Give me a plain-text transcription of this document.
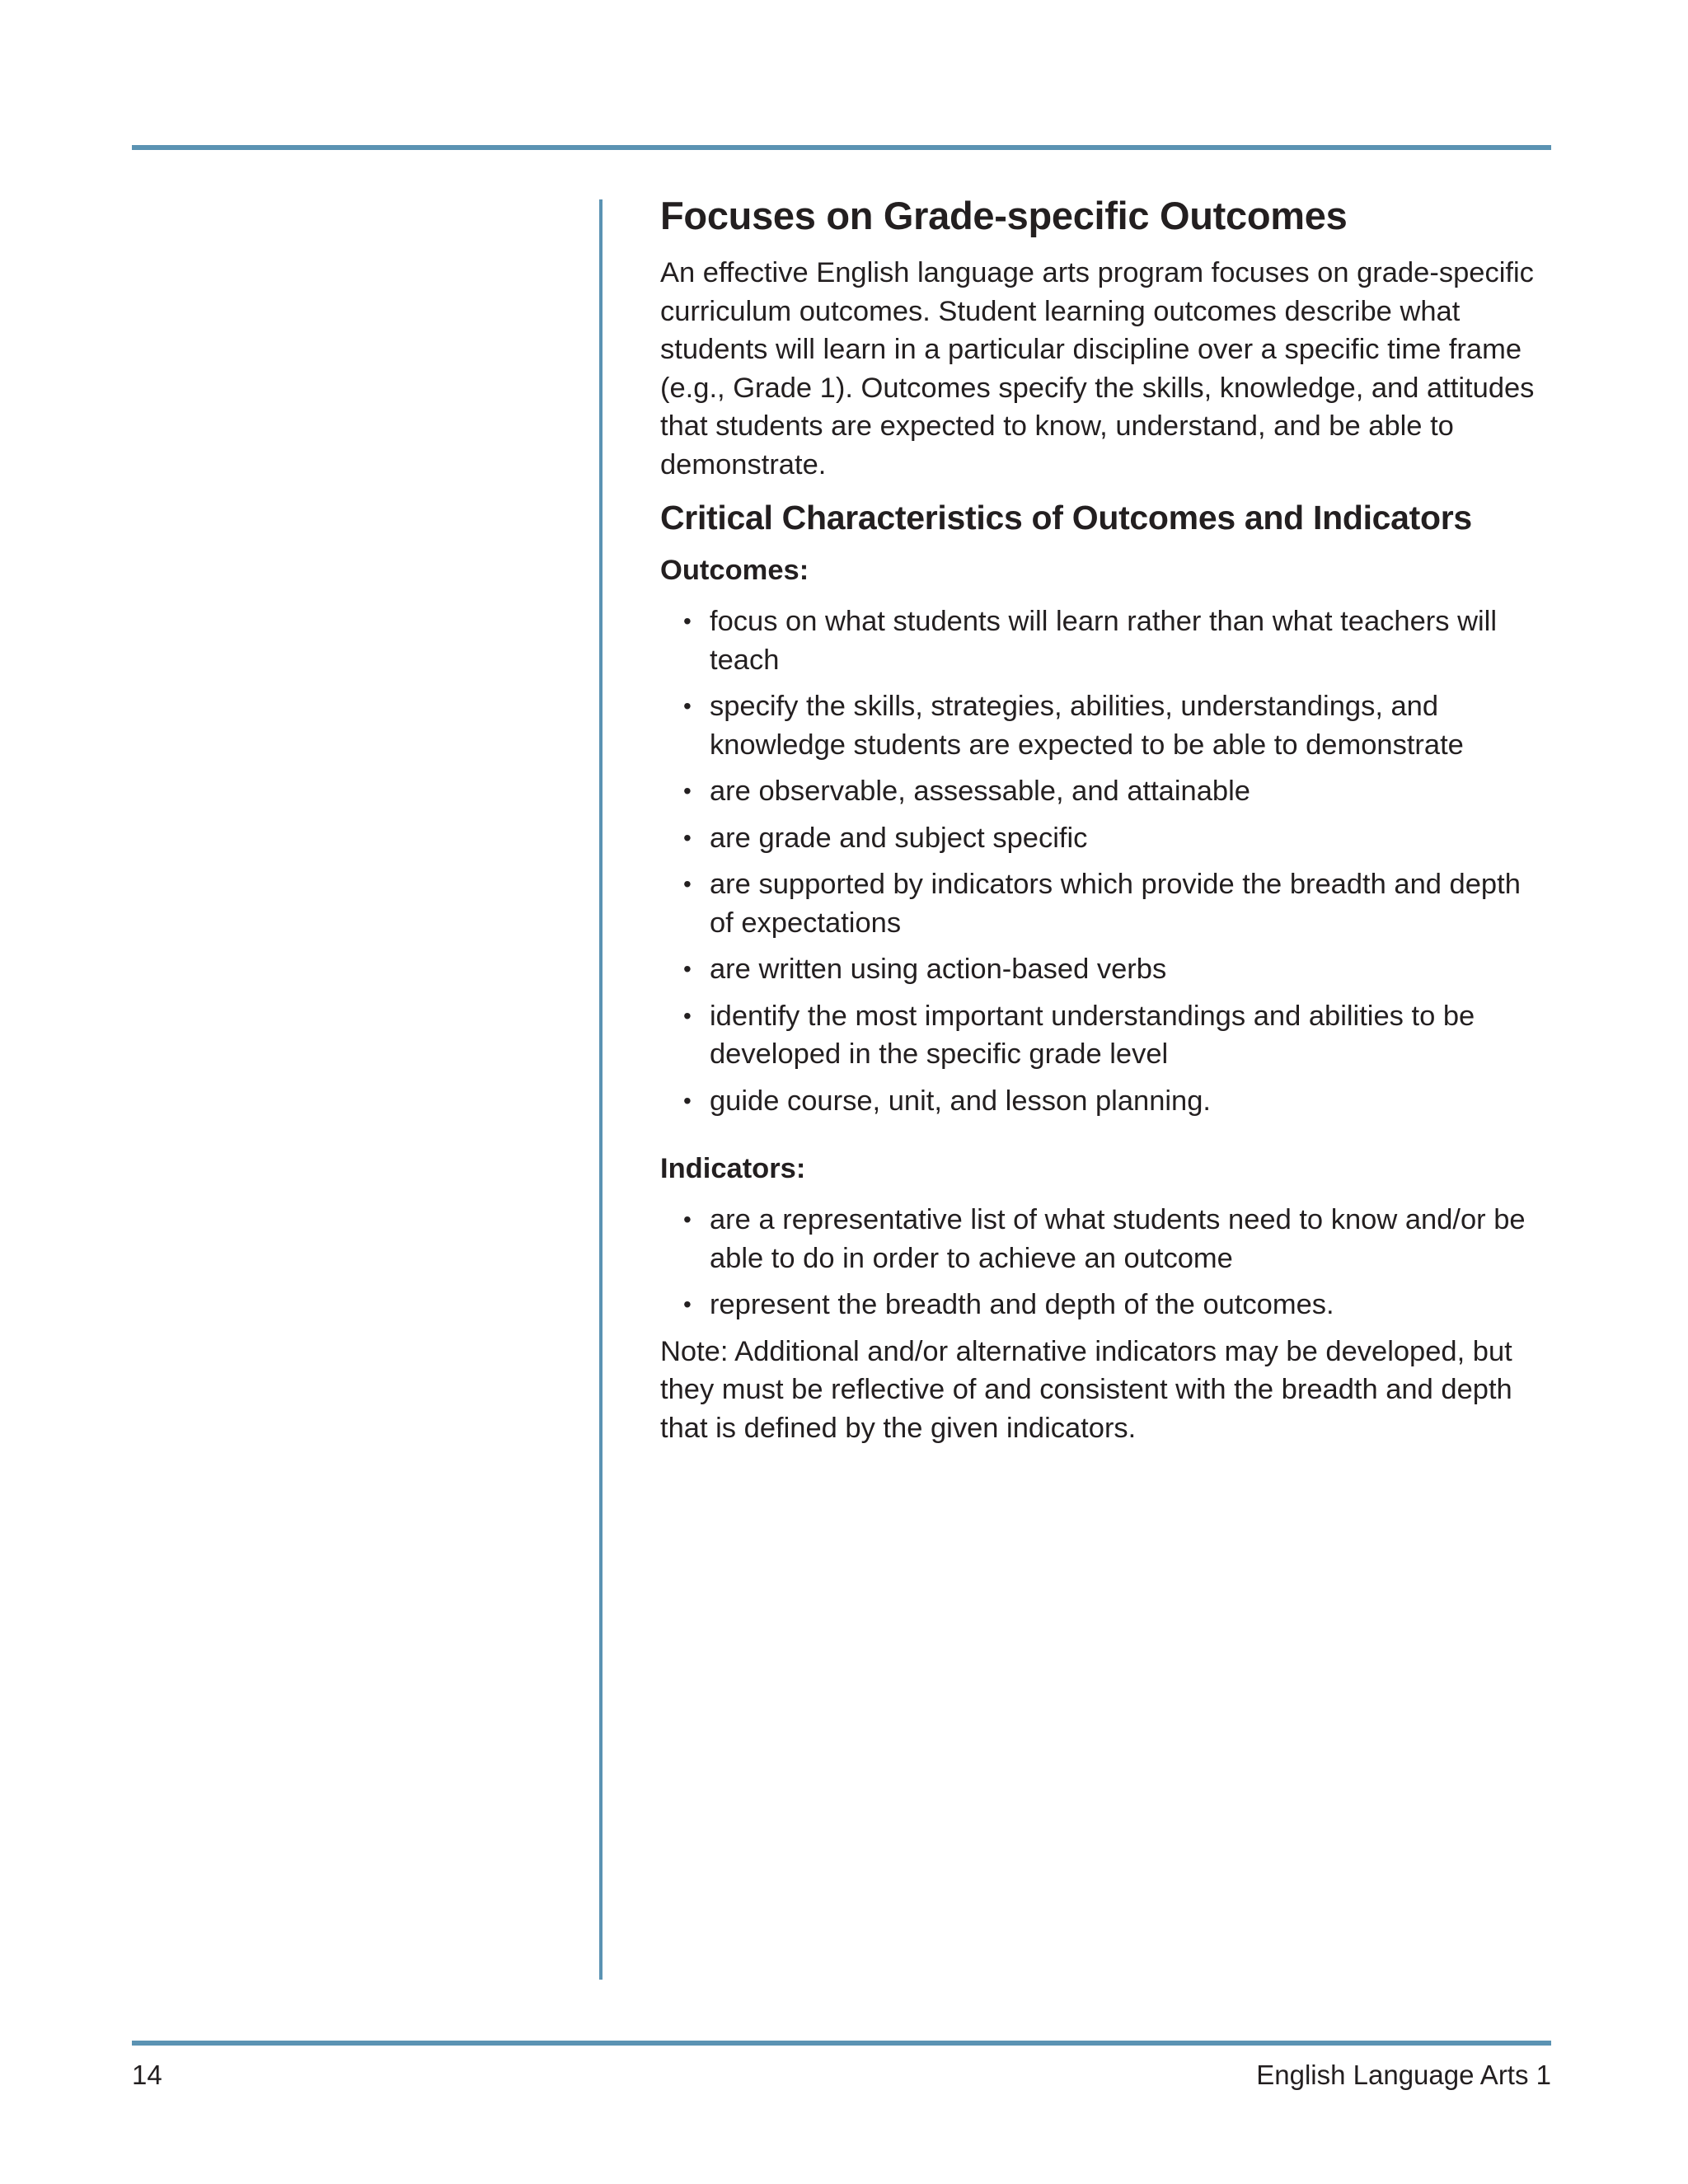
Focuses on Grade-specific Outcomes

An effective English language arts program focuses on grade-specific curriculum outcomes. Student learning outcomes describe what students will learn in a particular discipline over a specific time frame (e.g., Grade 1). Outcomes specify the skills, knowledge, and attitudes that students are expected to know, understand, and be able to demonstrate.

Critical Characteristics of Outcomes and Indicators
Outcomes:
• focus on what students will learn rather than what teachers will teach
• specify the skills, strategies, abilities, understandings, and knowledge students are expected to be able to demonstrate
• are observable, assessable, and attainable
• are grade and subject specific
• are supported by indicators which provide the breadth and depth of expectations
• are written using action-based verbs
• identify the most important understandings and abilities to be developed in the specific grade level
• guide course, unit, and lesson planning.
Indicators:
• are a representative list of what students need to know and/or be able to do in order to achieve an outcome
• represent the breadth and depth of the outcomes.

Note: Additional and/or alternative indicators may be developed, but they must be reflective of and consistent with the breadth and depth that is defined by the given indicators.

14	English Language Arts 1
